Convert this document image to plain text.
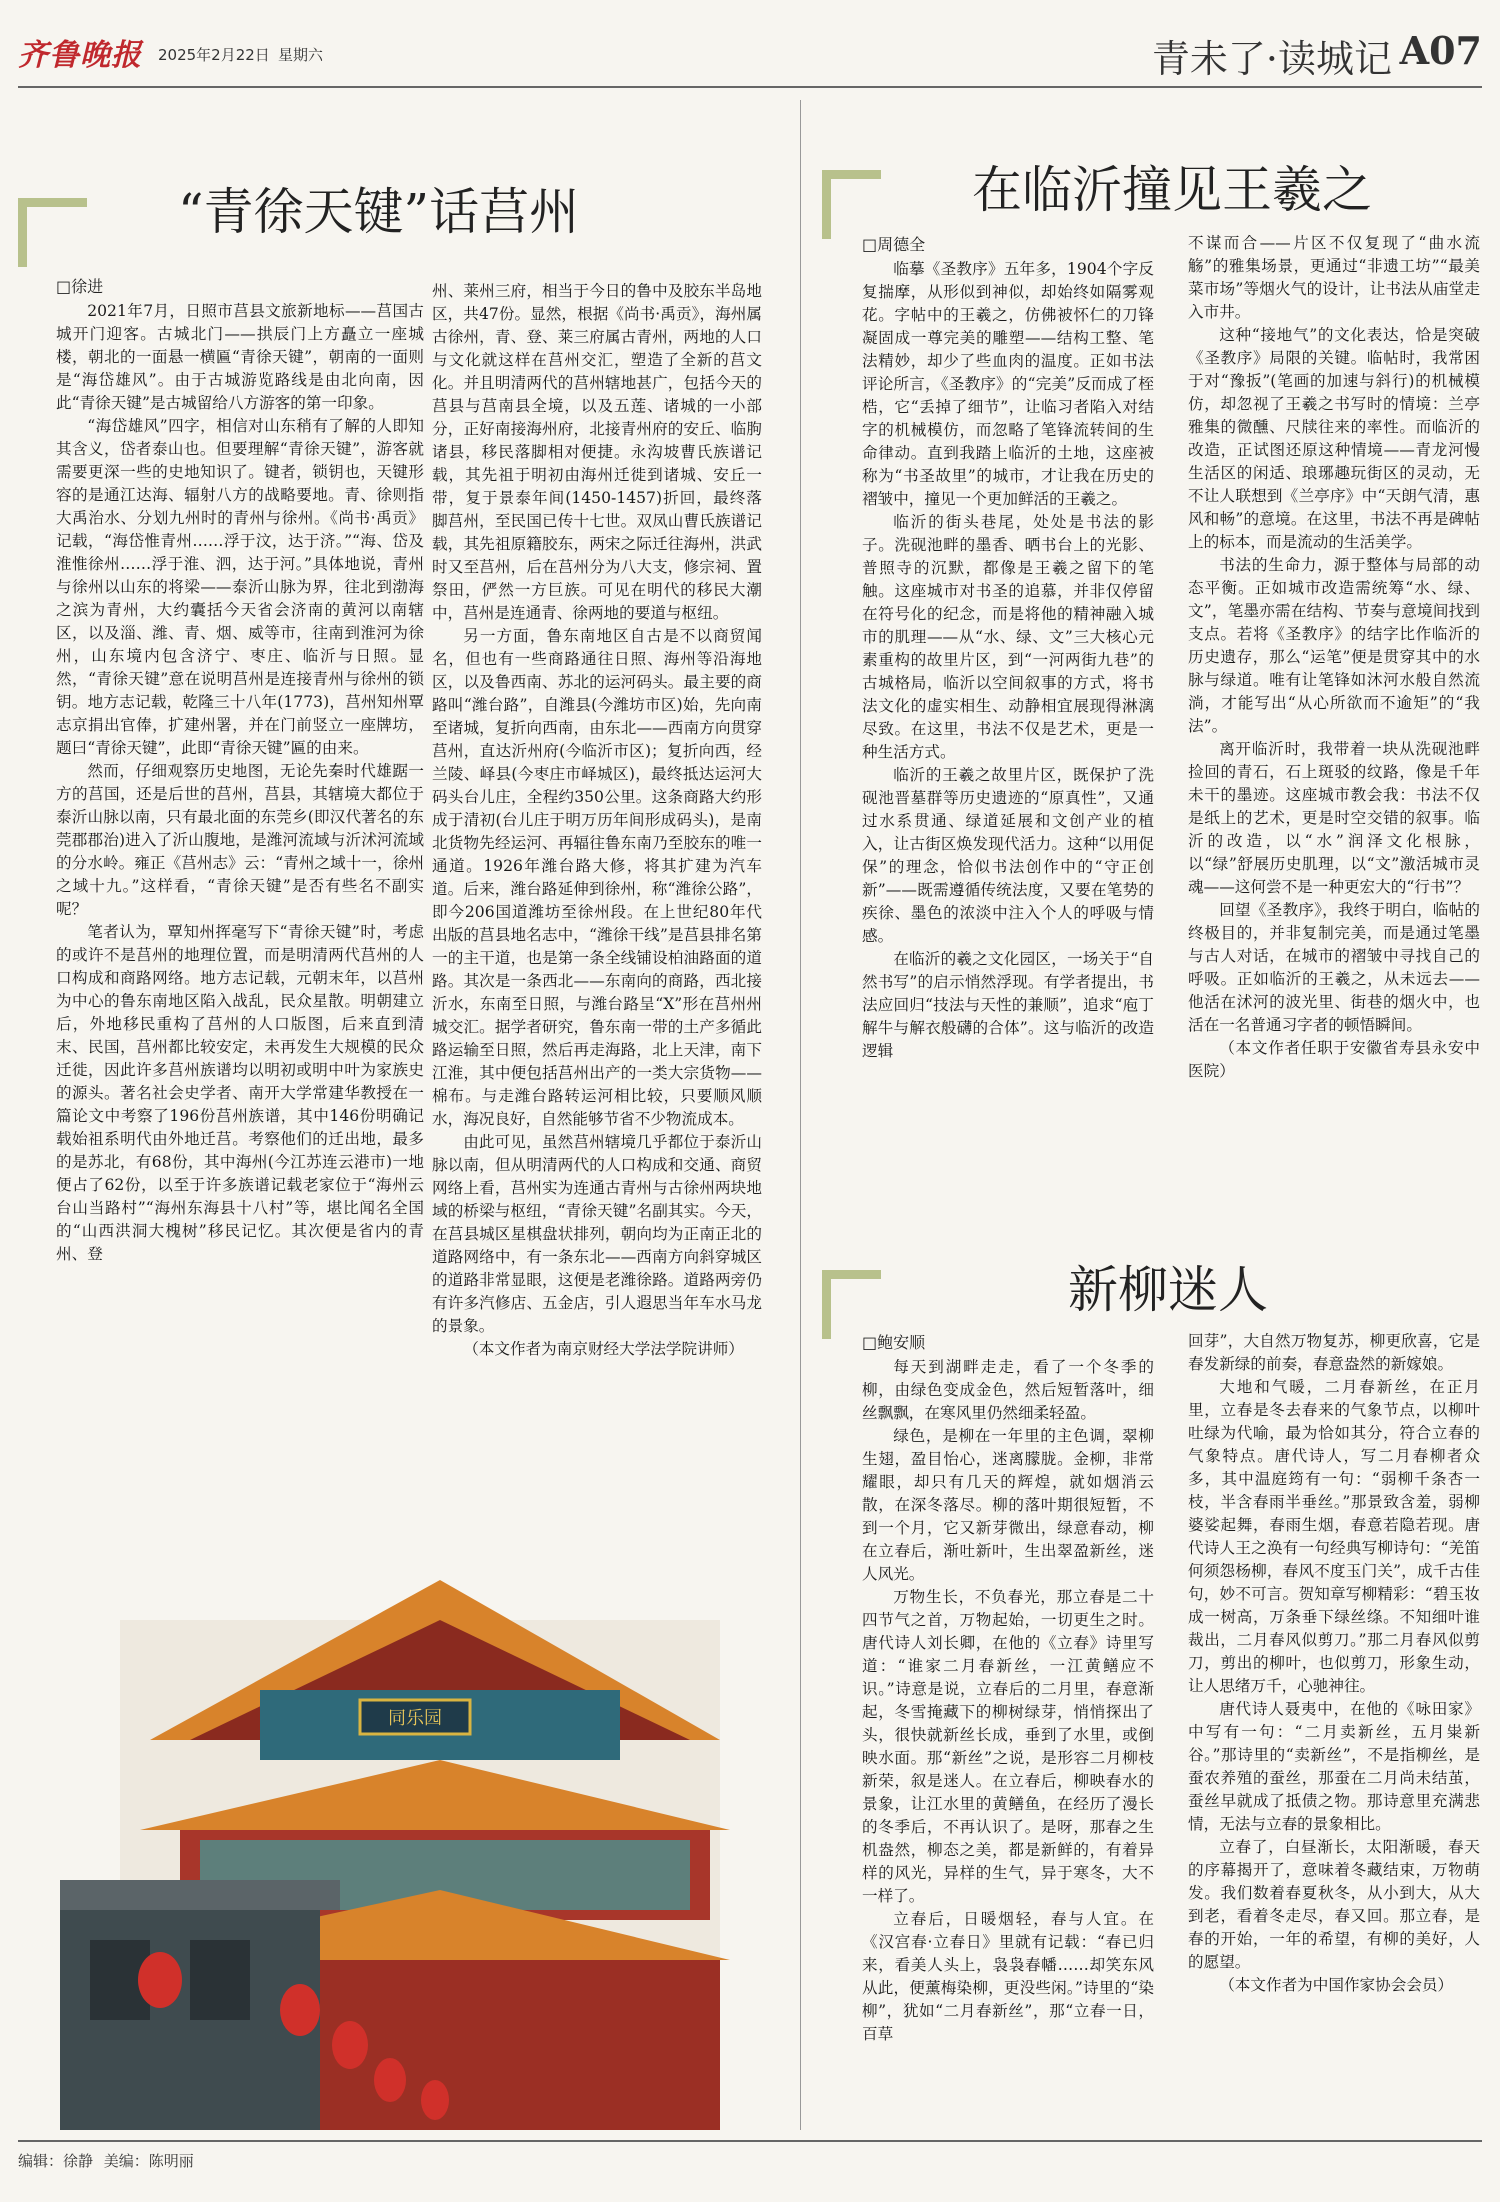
齐鲁晚报 2025年2月22日 星期六	青未了·读城记 A07
“青徐天键”话莒州
□徐进

2021年7月，日照市莒县文旅新地标——莒国古城开门迎客。古城北门——拱辰门上方矗立一座城楼，朝北的一面悬一横匾“青徐天键”，朝南的一面则是“海岱雄风”。由于古城游览路线是由北向南，因此“青徐天键”是古城留给八方游客的第一印象。

“海岱雄风”四字，相信对山东稍有了解的人即知其含义，岱者泰山也。但要理解“青徐天键”，游客就需要更深一些的史地知识了。键者，锁钥也，天键形容的是通江达海、辐射八方的战略要地。青、徐则指大禹治水、分划九州时的青州与徐州。《尚书·禹贡》记载，“海岱惟青州……浮于汶，达于济。”“海、岱及淮惟徐州……浮于淮、泗，达于河。”具体地说，青州与徐州以山东的将梁——泰沂山脉为界，往北到渤海之滨为青州，大约囊括今天省会济南的黄河以南辖区，以及淄、潍、青、烟、威等市，往南到淮河为徐州，山东境内包含济宁、枣庄、临沂与日照。显然，“青徐天键”意在说明莒州是连接青州与徐州的锁钥。地方志记载，乾隆三十八年(1773)，莒州知州覃志京捐出官俸，扩建州署，并在门前竖立一座牌坊，题曰“青徐天键”，此即“青徐天键”匾的由来。

然而，仔细观察历史地图，无论先秦时代雄踞一方的莒国，还是后世的莒州，莒县，其辖境大都位于泰沂山脉以南，只有最北面的东莞乡(即汉代著名的东莞郡郡治)进入了沂山腹地，是潍河流域与沂沭河流域的分水岭。雍正《莒州志》云：“青州之域十一，徐州之域十九。”这样看，“青徐天键”是否有些名不副实呢？

笔者认为，覃知州挥毫写下“青徐天键”时，考虑的或许不是莒州的地理位置，而是明清两代莒州的人口构成和商路网络。地方志记载，元朝末年，以莒州为中心的鲁东南地区陷入战乱，民众星散。明朝建立后，外地移民重构了莒州的人口版图，后来直到清末、民国，莒州都比较安定，未再发生大规模的民众迁徙，因此许多莒州族谱均以明初或明中叶为家族史的源头。著名社会史学者、南开大学常建华教授在一篇论文中考察了196份莒州族谱，其中146份明确记载始祖系明代由外地迁莒。考察他们的迁出地，最多的是苏北，有68份，其中海州(今江苏连云港市)一地便占了62份，以至于许多族谱记载老家位于“海州云台山当路村”“海州东海县十八村”等，堪比闻名全国的“山西洪洞大槐树”移民记忆。其次便是省内的青州、登

州、莱州三府，相当于今日的鲁中及胶东半岛地区，共47份。显然，根据《尚书·禹贡》，海州属古徐州，青、登、莱三府属古青州，两地的人口与文化就这样在莒州交汇，塑造了全新的莒文化。并且明清两代的莒州辖地甚广，包括今天的莒县与莒南县全境，以及五莲、诸城的一小部分，正好南接海州府，北接青州府的安丘、临朐诸县，移民落脚相对便捷。永沟坡曹氏族谱记载，其先祖于明初由海州迁徙到诸城、安丘一带，复于景泰年间(1450-1457)折回，最终落脚莒州，至民国已传十七世。双凤山曹氏族谱记载，其先祖原籍胶东，两宋之际迁往海州，洪武时又至莒州，后在莒州分为八大支，修宗祠、置祭田，俨然一方巨族。可见在明代的移民大潮中，莒州是连通青、徐两地的要道与枢纽。

另一方面，鲁东南地区自古是不以商贸闻名，但也有一些商路通往日照、海州等沿海地区，以及鲁西南、苏北的运河码头。最主要的商路叫“潍台路”，自潍县(今潍坊市区)始，先向南至诸城，复折向西南，由东北——西南方向贯穿莒州，直达沂州府(今临沂市区)；复折向西，经兰陵、峄县(今枣庄市峄城区)，最终抵达运河大码头台儿庄，全程约350公里。这条商路大约形成于清初(台儿庄于明万历年间形成码头)，是南北货物先经运河、再辐往鲁东南乃至胶东的唯一通道。1926年潍台路大修，将其扩建为汽车道。后来，潍台路延伸到徐州，称“潍徐公路”，即今206国道潍坊至徐州段。在上世纪80年代出版的莒县地名志中，“潍徐干线”是莒县排名第一的主干道，也是第一条全线铺设柏油路面的道路。其次是一条西北——东南向的商路，西北接沂水，东南至日照，与潍台路呈“X”形在莒州州城交汇。据学者研究，鲁东南一带的土产多循此路运输至日照，然后再走海路，北上天津，南下江淮，其中便包括莒州出产的一类大宗货物——棉布。与走潍台路转运河相比较，只要顺风顺水，海况良好，自然能够节省不少物流成本。

由此可见，虽然莒州辖境几乎都位于泰沂山脉以南，但从明清两代的人口构成和交通、商贸网络上看，莒州实为连通古青州与古徐州两块地域的桥梁与枢纽，“青徐天键”名副其实。今天，在莒县城区星棋盘状排列，朝向均为正南正北的道路网络中，有一条东北——西南方向斜穿城区的道路非常显眼，这便是老潍徐路。道路两旁仍有许多汽修店、五金店，引人遐思当年车水马龙的景象。

（本文作者为南京财经大学法学院讲师）

同乐园
在临沂撞见王羲之
□周德全

临摹《圣教序》五年多，1904个字反复揣摩，从形似到神似，却始终如隔雾观花。字帖中的王羲之，仿佛被怀仁的刀锋凝固成一尊完美的雕塑——结构工整、笔法精妙，却少了些血肉的温度。正如书法评论所言，《圣教序》的“完美”反而成了桎梏，它“丢掉了细节”，让临习者陷入对结字的机械模仿，而忽略了笔锋流转间的生命律动。直到我踏上临沂的土地，这座被称为“书圣故里”的城市，才让我在历史的褶皱中，撞见一个更加鲜活的王羲之。

临沂的街头巷尾，处处是书法的影子。洗砚池畔的墨香、晒书台上的光影、普照寺的沉默，都像是王羲之留下的笔触。这座城市对书圣的追慕，并非仅停留在符号化的纪念，而是将他的精神融入城市的肌理——从“水、绿、文”三大核心元素重构的故里片区，到“一河两街九巷”的古城格局，临沂以空间叙事的方式，将书法文化的虚实相生、动静相宜展现得淋漓尽致。在这里，书法不仅是艺术，更是一种生活方式。

临沂的王羲之故里片区，既保护了洗砚池晋墓群等历史遗迹的“原真性”，又通过水系贯通、绿道延展和文创产业的植入，让古街区焕发现代活力。这种“以用促保”的理念，恰似书法创作中的“守正创新”——既需遵循传统法度，又要在笔势的疾徐、墨色的浓淡中注入个人的呼吸与情感。

在临沂的羲之文化园区，一场关于“自然书写”的启示悄然浮现。有学者提出，书法应回归“技法与天性的兼顺”，追求“庖丁解牛与解衣般礴的合体”。这与临沂的改造逻辑

不谋而合——片区不仅复现了“曲水流觞”的雅集场景，更通过“非遗工坊”“最美菜市场”等烟火气的设计，让书法从庙堂走入市井。

这种“接地气”的文化表达，恰是突破《圣教序》局限的关键。临帖时，我常困于对“豫扳”(笔画的加速与斜行)的机械模仿，却忽视了王羲之书写时的情境：兰亭雅集的微醺、尺牍往来的率性。而临沂的改造，正试图还原这种情境——青龙河慢生活区的闲适、琅琊趣玩街区的灵动，无不让人联想到《兰亭序》中“天朗气清，惠风和畅”的意境。在这里，书法不再是碑帖上的标本，而是流动的生活美学。

书法的生命力，源于整体与局部的动态平衡。正如城市改造需统筹“水、绿、文”，笔墨亦需在结构、节奏与意境间找到支点。若将《圣教序》的结字比作临沂的历史遗存，那么“运笔”便是贯穿其中的水脉与绿道。唯有让笔锋如沐河水般自然流淌，才能写出“从心所欲而不逾矩”的“我法”。

离开临沂时，我带着一块从洗砚池畔捡回的青石，石上斑驳的纹路，像是千年未干的墨迹。这座城市教会我：书法不仅是纸上的艺术，更是时空交错的叙事。临沂的改造，以“水”润泽文化根脉，以“绿”舒展历史肌理，以“文”激活城市灵魂——这何尝不是一种更宏大的“行书”？

回望《圣教序》，我终于明白，临帖的终极目的，并非复制完美，而是通过笔墨与古人对话，在城市的褶皱中寻找自己的呼吸。正如临沂的王羲之，从未远去——他活在沭河的波光里、街巷的烟火中，也活在一名普通习字者的顿悟瞬间。

（本文作者任职于安徽省寿县永安中医院）

新柳迷人
□鲍安顺

每天到湖畔走走，看了一个冬季的柳，由绿色变成金色，然后短暂落叶，细丝飘飘，在寒风里仍然细柔轻盈。

绿色，是柳在一年里的主色调，翠柳生翅，盈目怡心，迷离朦胧。金柳，非常耀眼，却只有几天的辉煌，就如烟消云散，在深冬落尽。柳的落叶期很短暂，不到一个月，它又新芽微出，绿意春动，柳在立春后，渐吐新叶，生出翠盈新丝，迷人风光。

万物生长，不负春光，那立春是二十四节气之首，万物起始，一切更生之时。唐代诗人刘长卿，在他的《立春》诗里写道：“谁家二月春新丝，一江黄鳝应不识。”诗意是说，立春后的二月里，春意渐起，冬雪掩藏下的柳树绿芽，悄悄探出了头，很快就新丝长成，垂到了水里，或倒映水面。那“新丝”之说，是形容二月柳枝新荣，叙是迷人。在立春后，柳映春水的景象，让江水里的黄鳝鱼，在经历了漫长的冬季后，不再认识了。是呀，那春之生机盎然，柳态之美，都是新鲜的，有着异样的风光，异样的生气，异于寒冬，大不一样了。

立春后，日暖烟轻，春与人宜。在《汉宫春·立春日》里就有记载：“春已归来，看美人头上，袅袅春幡……却笑东风从此，便薰梅染柳，更没些闲。”诗里的“染柳”，犹如“二月春新丝”，那“立春一日，百草

回芽”，大自然万物复苏，柳更欣喜，它是春发新绿的前奏，春意盎然的新嫁娘。

大地和气暖，二月春新丝，在正月里，立春是冬去春来的气象节点，以柳叶吐绿为代喻，最为恰如其分，符合立春的气象特点。唐代诗人，写二月春柳者众多，其中温庭筠有一句：“弱柳千条杏一枝，半含春雨半垂丝。”那景致含羞，弱柳婆娑起舞，春雨生烟，春意若隐若现。唐代诗人王之涣有一句经典写柳诗句：“羌笛何须怨杨柳，春风不度玉门关”，成千古佳句，妙不可言。贺知章写柳精彩：“碧玉妆成一树高，万条垂下绿丝绦。不知细叶谁裁出，二月春风似剪刀。”那二月春风似剪刀，剪出的柳叶，也似剪刀，形象生动，让人思绪万千，心驰神往。

唐代诗人聂夷中，在他的《咏田家》中写有一句：“二月卖新丝，五月粜新谷。”那诗里的“卖新丝”，不是指柳丝，是蚕农养殖的蚕丝，那蚕在二月尚未结茧，蚕丝早就成了抵债之物。那诗意里充满悲情，无法与立春的景象相比。

立春了，白昼渐长，太阳渐暖，春天的序幕揭开了，意味着冬藏结束，万物萌发。我们数着春夏秋冬，从小到大，从大到老，看着冬走尽，春又回。那立春，是春的开始，一年的希望，有柳的美好，人的愿望。

（本文作者为中国作家协会会员）

编辑：徐静 美编：陈明丽
